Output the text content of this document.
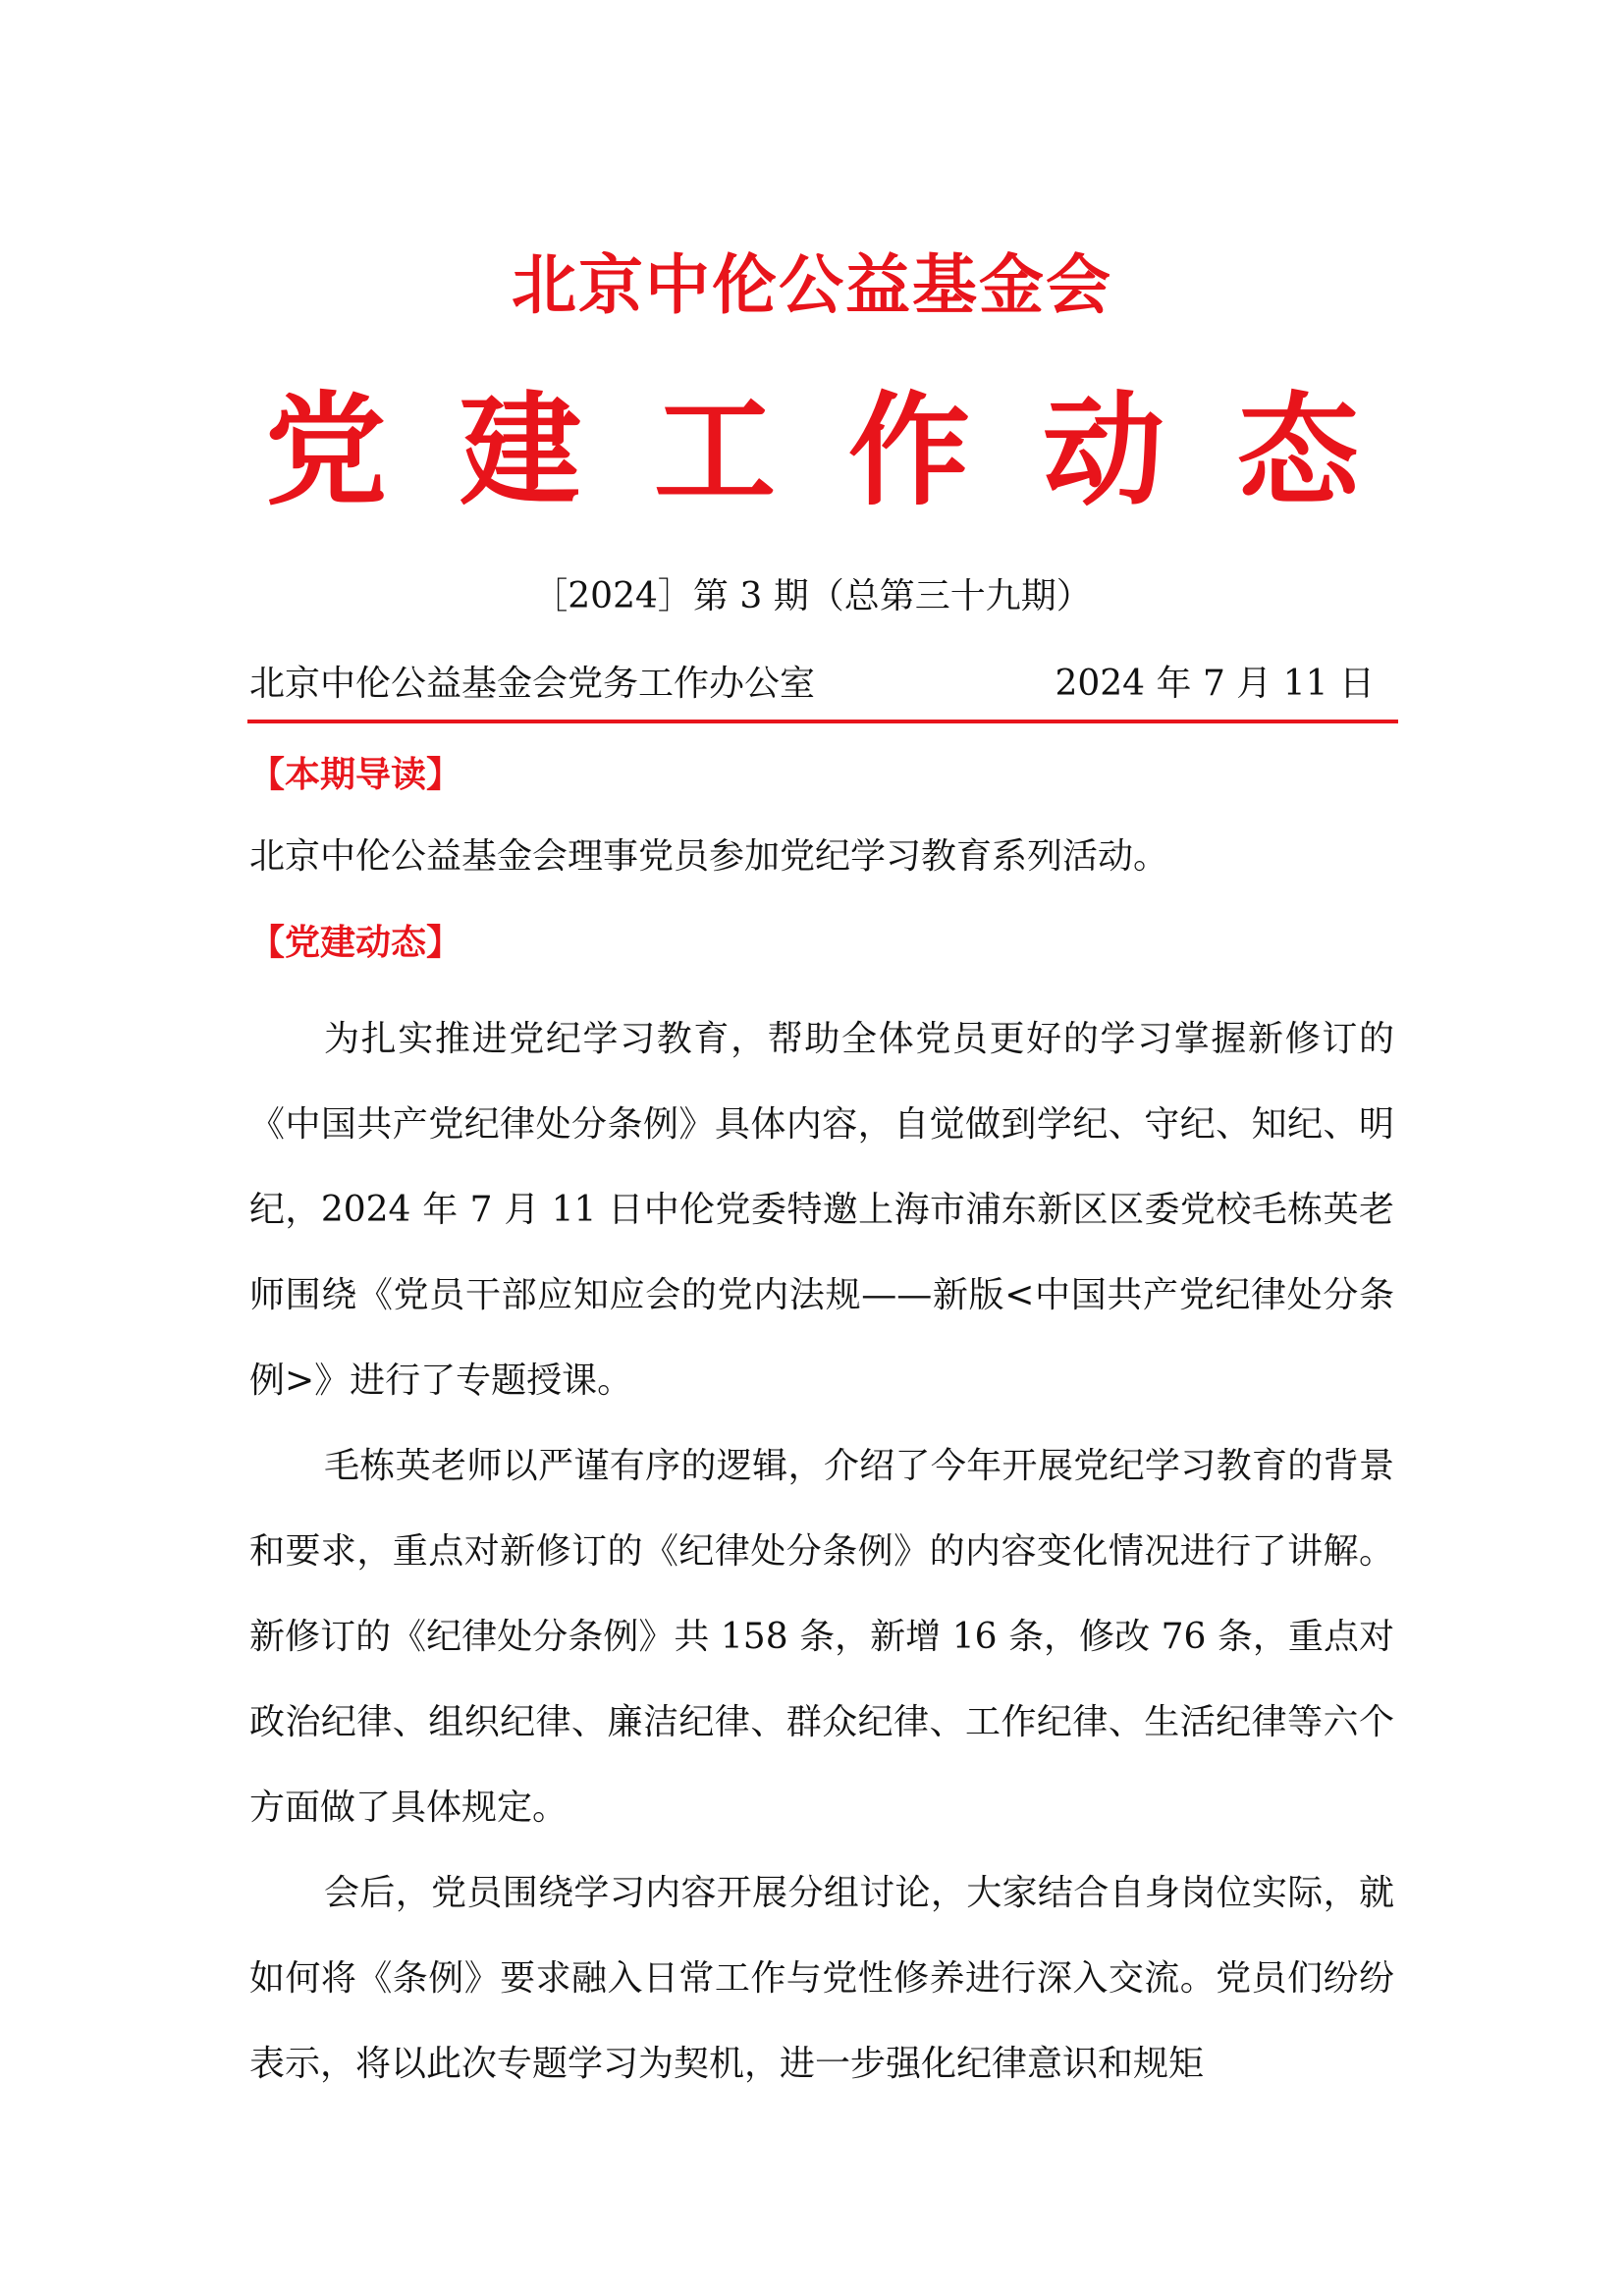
北京中伦公益基金会
党建工作动态
［2024］第 3 期（总第三十九期）
北京中伦公益基金会党务工作办公室	2024 年 7 月 11 日
【本期导读】
北京中伦公益基金会理事党员参加党纪学习教育系列活动。
【党建动态】

为扎实推进党纪学习教育，帮助全体党员更好的学习掌握新修订的《中国共产党纪律处分条例》具体内容，自觉做到学纪、守纪、知纪、明纪，2024 年 7 月 11 日中伦党委特邀上海市浦东新区区委党校毛栋英老师围绕《党员干部应知应会的党内法规——新版<中国共产党纪律处分条例>》进行了专题授课。

毛栋英老师以严谨有序的逻辑，介绍了今年开展党纪学习教育的背景和要求，重点对新修订的《纪律处分条例》的内容变化情况进行了讲解。新修订的《纪律处分条例》共 158 条，新增 16 条，修改 76 条，重点对政治纪律、组织纪律、廉洁纪律、群众纪律、工作纪律、生活纪律等六个方面做了具体规定。

会后，党员围绕学习内容开展分组讨论，大家结合自身岗位实际，就如何将《条例》要求融入日常工作与党性修养进行深入交流。党员们纷纷表示，将以此次专题学习为契机，进一步强化纪律意识和规矩
